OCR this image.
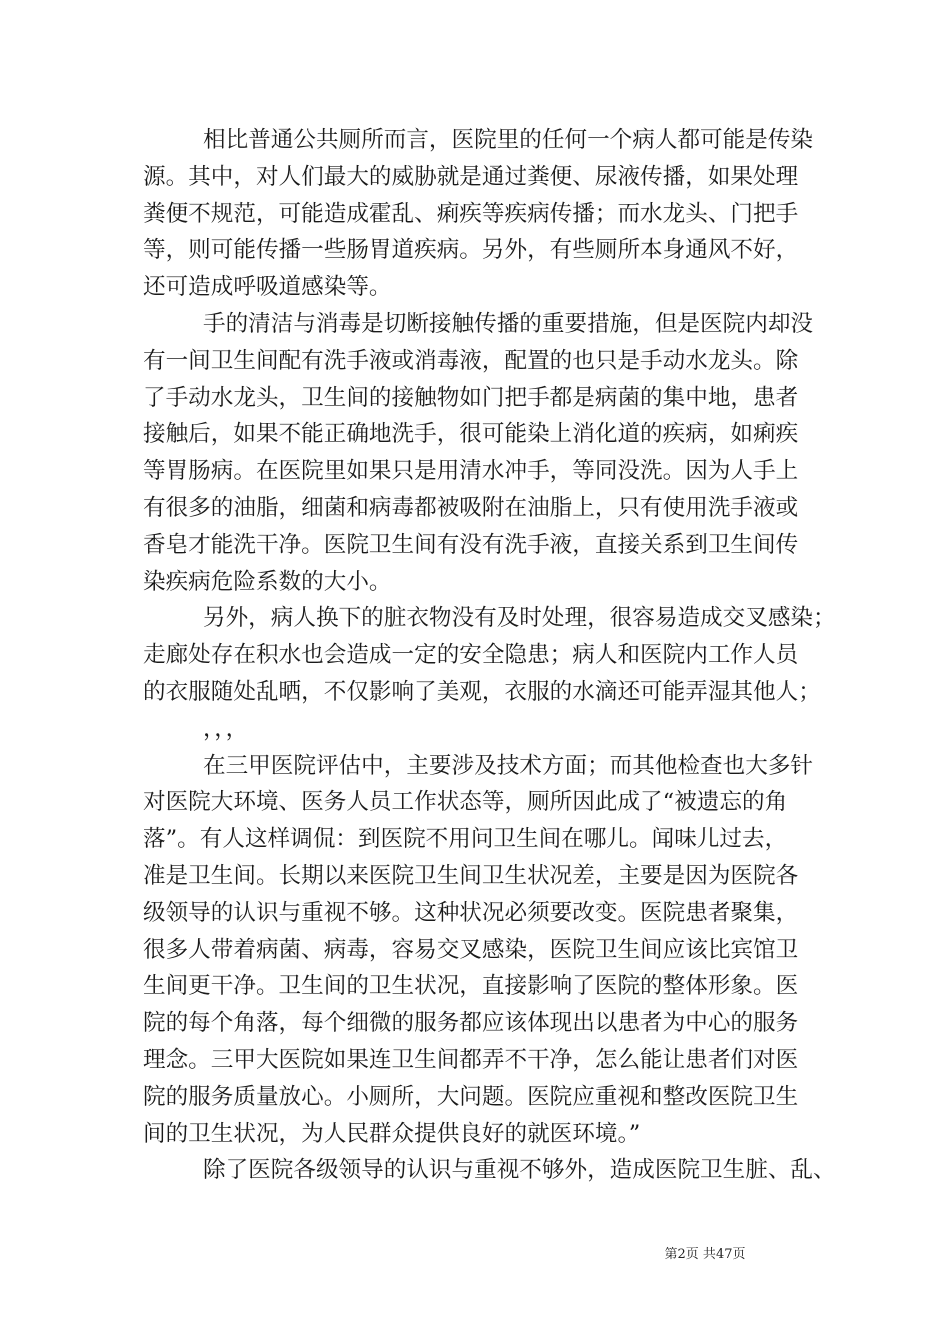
相比普通公共厕所而言，医院里的任何一个病人都可能是传染
源。其中，对人们最大的威胁就是通过粪便、尿液传播，如果处理
粪便不规范，可能造成霍乱、痢疾等疾病传播；而水龙头、门把手
等，则可能传播一些肠胃道疾病。另外，有些厕所本身通风不好，
还可造成呼吸道感染等。
手的清洁与消毒是切断接触传播的重要措施，但是医院内却没
有一间卫生间配有洗手液或消毒液，配置的也只是手动水龙头。除
了手动水龙头，卫生间的接触物如门把手都是病菌的集中地，患者
接触后，如果不能正确地洗手，很可能染上消化道的疾病，如痢疾
等胃肠病。在医院里如果只是用清水冲手，等同没洗。因为人手上
有很多的油脂，细菌和病毒都被吸附在油脂上，只有使用洗手液或
香皂才能洗干净。医院卫生间有没有洗手液，直接关系到卫生间传
染疾病危险系数的大小。
另外，病人换下的脏衣物没有及时处理，很容易造成交叉感染；
走廊处存在积水也会造成一定的安全隐患；病人和医院内工作人员
的衣服随处乱晒，不仅影响了美观，衣服的水滴还可能弄湿其他人；
，，，
在三甲医院评估中，主要涉及技术方面；而其他检查也大多针
对医院大环境、医务人员工作状态等，厕所因此成了“被遗忘的角
落”。有人这样调侃：到医院不用问卫生间在哪儿。闻味儿过去，
准是卫生间。长期以来医院卫生间卫生状况差，主要是因为医院各
级领导的认识与重视不够。这种状况必须要改变。医院患者聚集，
很多人带着病菌、病毒，容易交叉感染，医院卫生间应该比宾馆卫
生间更干净。卫生间的卫生状况，直接影响了医院的整体形象。医
院的每个角落，每个细微的服务都应该体现出以患者为中心的服务
理念。三甲大医院如果连卫生间都弄不干净，怎么能让患者们对医
院的服务质量放心。小厕所，大问题。医院应重视和整改医院卫生
间的卫生状况，为人民群众提供良好的就医环境。”
除了医院各级领导的认识与重视不够外，造成医院卫生脏、乱、
第2页 共47页
